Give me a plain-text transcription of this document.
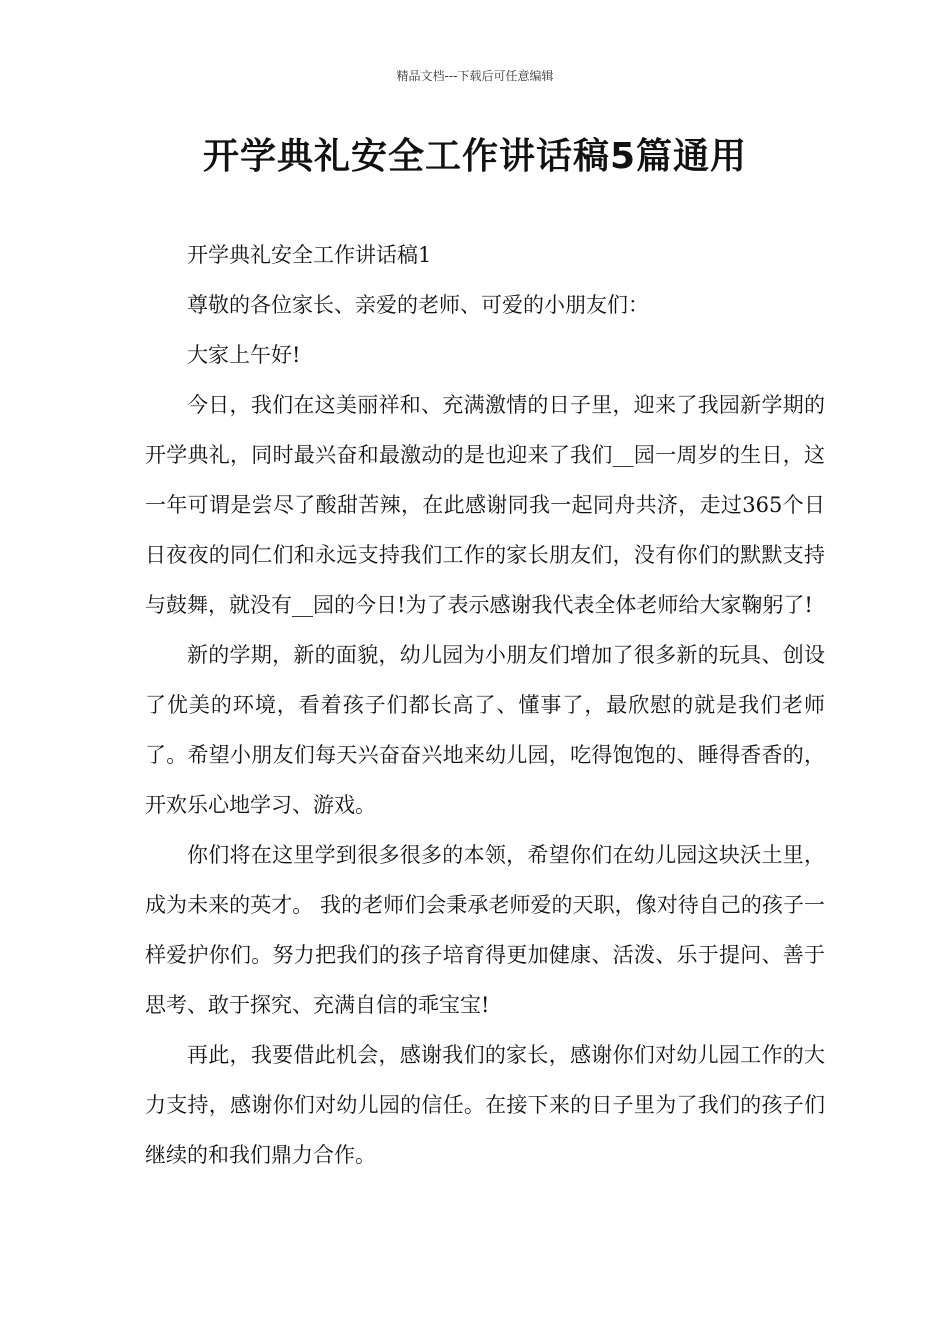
精品文档---下载后可任意编辑
开学典礼安全工作讲话稿5篇通用

开学典礼安全工作讲话稿1

尊敬的各位家长、亲爱的老师、可爱的小朋友们：

大家上午好!

今日，我们在这美丽祥和、充满激情的日子里，迎来了我园新学期的开学典礼，同时最兴奋和最激动的是也迎来了我们__园一周岁的生日，这一年可谓是尝尽了酸甜苦辣，在此感谢同我一起同舟共济，走过365个日日夜夜的同仁们和永远支持我们工作的家长朋友们，没有你们的默默支持与鼓舞，就没有__园的今日!为了表示感谢我代表全体老师给大家鞠躬了!

新的学期，新的面貌，幼儿园为小朋友们增加了很多新的玩具、创设了优美的环境，看着孩子们都长高了、懂事了，最欣慰的就是我们老师了。希望小朋友们每天兴奋奋兴地来幼儿园，吃得饱饱的、睡得香香的，开欢乐心地学习、游戏。

你们将在这里学到很多很多的本领，希望你们在幼儿园这块沃土里，成为未来的英才。 我的老师们会秉承老师爱的天职，像对待自己的孩子一样爱护你们。努力把我们的孩子培育得更加健康、活泼、乐于提问、善于思考、敢于探究、充满自信的乖宝宝!

再此，我要借此机会，感谢我们的家长，感谢你们对幼儿园工作的大力支持，感谢你们对幼儿园的信任。在接下来的日子里为了我们的孩子们继续的和我们鼎力合作。
